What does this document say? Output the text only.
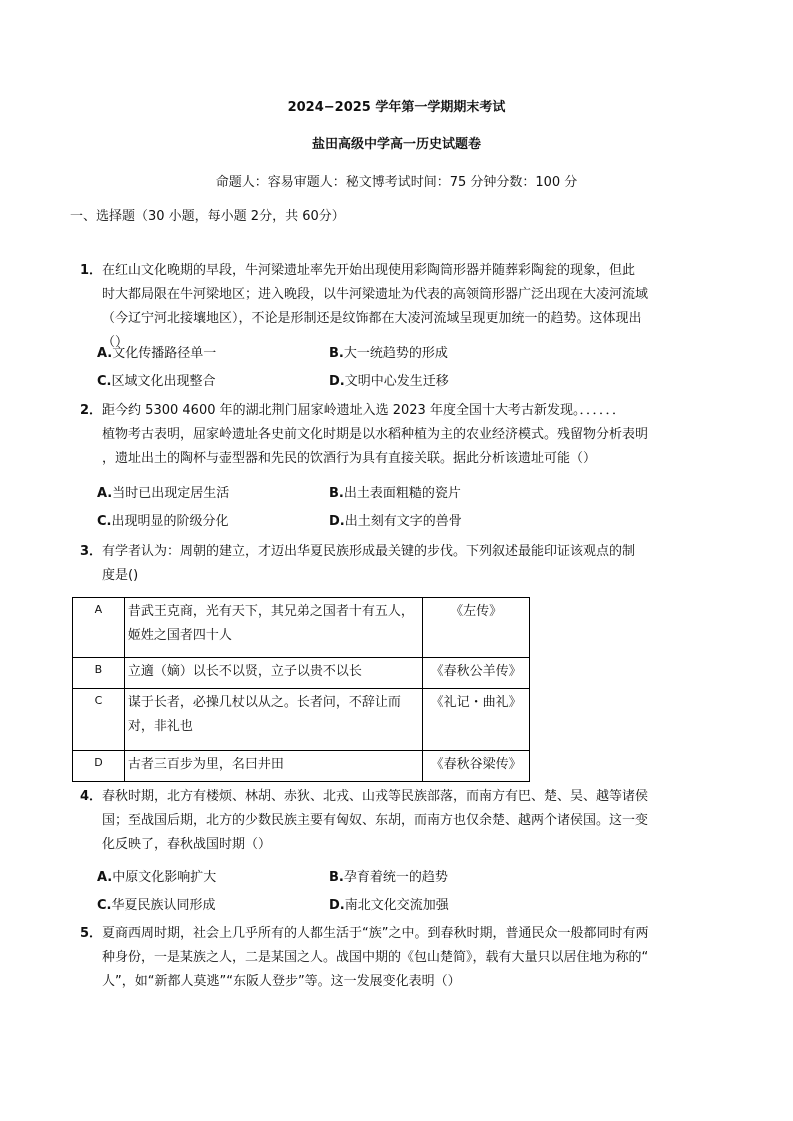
2024−2025 学年第一学期期末考试
盐田高级中学高一历史试题卷
命题人：容易审题人：秘文博考试时间：75 分钟分数：100 分
一、选择题（30 小题，每小题 2分，共 60分）

1．在红山文化晚期的早段，牛河梁遗址率先开始出现使用彩陶筒形器并随葬彩陶瓮的现象，但此

时大都局限在牛河梁地区；进入晚段，以牛河梁遗址为代表的高领筒形器广泛出现在大凌河流域

（今辽宁河北接壤地区），不论是形制还是纹饰都在大凌河流域呈现更加统一的趋势。这体现出

（）

A.文化传播路径单一	B.大一统趋势的形成
C.区域文化出现整合	D.文明中心发生迁移

2．距今约 5300 4600 年的湖北荆门屈家岭遗址入选 2023 年度全国十大考古新发现。．．．．．．

植物考古表明，屈家岭遗址各史前文化时期是以水稻种植为主的农业经济模式。残留物分析表明

，遗址出土的陶杯与壶型器和先民的饮酒行为具有直接关联。据此分析该遗址可能（）

A.当时已出现定居生活	B.出土表面粗糙的瓷片
C.出现明显的阶级分化	D.出土刻有文字的兽骨

3．有学者认为：周朝的建立，才迈出华夏民族形成最关键的步伐。下列叙述最能印证该观点的制

度是()

A	昔武王克商，光有天下，其兄弟之国者十有五人，姬姓之国者四十人	《左传》
B	立適（嫡）以长不以贤，立子以贵不以长	《春秋公羊传》
C	谋于长者，必操几杖以从之。长者问，不辞让而对，非礼也	《礼记・曲礼》
D	古者三百步为里，名曰井田	《春秋谷梁传》

4．春秋时期，北方有楼烦、林胡、赤狄、北戎、山戎等民族部落，而南方有巴、楚、吴、越等诸侯

国；至战国后期，北方的少数民族主要有匈奴、东胡，而南方也仅余楚、越两个诸侯国。这一变

化反映了，春秋战国时期（）

A.中原文化影响扩大	B.孕育着统一的趋势
C.华夏民族认同形成	D.南北文化交流加强

5．夏商西周时期，社会上几乎所有的人都生活于“族”之中。到春秋时期，普通民众一般都同时有两

种身份，一是某族之人，二是某国之人。战国中期的《包山楚简》，载有大量只以居住地为称的“

人”，如“新都人莫逃”“东阪人登步”等。这一发展变化表明（）
